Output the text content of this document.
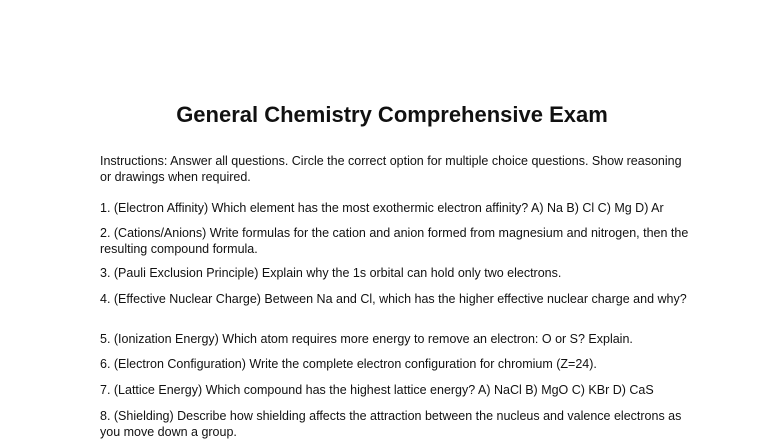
General Chemistry Comprehensive Exam

Instructions: Answer all questions. Circle the correct option for multiple choice questions. Show reasoning or drawings when required.

1. (Electron Affinity) Which element has the most exothermic electron affinity? A) Na B) Cl C) Mg D) Ar

2. (Cations/Anions) Write formulas for the cation and anion formed from magnesium and nitrogen, then the resulting compound formula.

3. (Pauli Exclusion Principle) Explain why the 1s orbital can hold only two electrons.

4. (Effective Nuclear Charge) Between Na and Cl, which has the higher effective nuclear charge and why?

5. (Ionization Energy) Which atom requires more energy to remove an electron: O or S? Explain.

6. (Electron Configuration) Write the complete electron configuration for chromium (Z=24).

7. (Lattice Energy) Which compound has the highest lattice energy? A) NaCl B) MgO C) KBr D) CaS

8. (Shielding) Describe how shielding affects the attraction between the nucleus and valence electrons as you move down a group.
